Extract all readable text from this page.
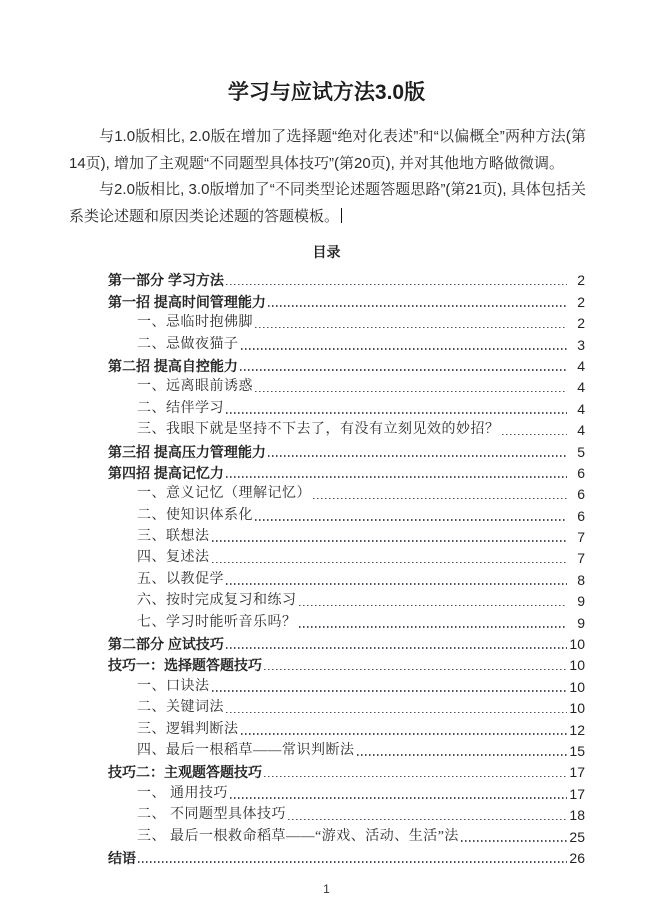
学习与应试方法3.0版

与1.0版相比, 2.0版在增加了选择题“绝对化表述”和“以偏概全”两种方法(第14页), 增加了主观题“不同题型具体技巧”(第20页), 并对其他地方略做微调。

与2.0版相比, 3.0版增加了“不同类型论述题答题思路”(第21页), 具体包括关系类论述题和原因类论述题的答题模板。

目录
第一部分 学习方法	2
第一招 提高时间管理能力	2
一、忌临时抱佛脚	2
二、忌做夜猫子	3
第二招 提高自控能力	4
一、远离眼前诱惑	4
二、结伴学习	4
三、我眼下就是坚持不下去了，有没有立刻见效的妙招？	4
第三招 提高压力管理能力	5
第四招 提高记忆力	6
一、意义记忆（理解记忆）	6
二、使知识体系化	6
三、联想法	7
四、复述法	7
五、以教促学	8
六、按时完成复习和练习	9
七、学习时能听音乐吗？	9
第二部分 应试技巧	10
技巧一：选择题答题技巧	10
一、口诀法	10
二、关键词法	10
三、逻辑判断法	12
四、最后一根稻草——常识判断法	15
技巧二：主观题答题技巧	17
一、 通用技巧	17
二、 不同题型具体技巧	18
三、 最后一根救命稻草——“游戏、活动、生活”法	25
结语	26
1
